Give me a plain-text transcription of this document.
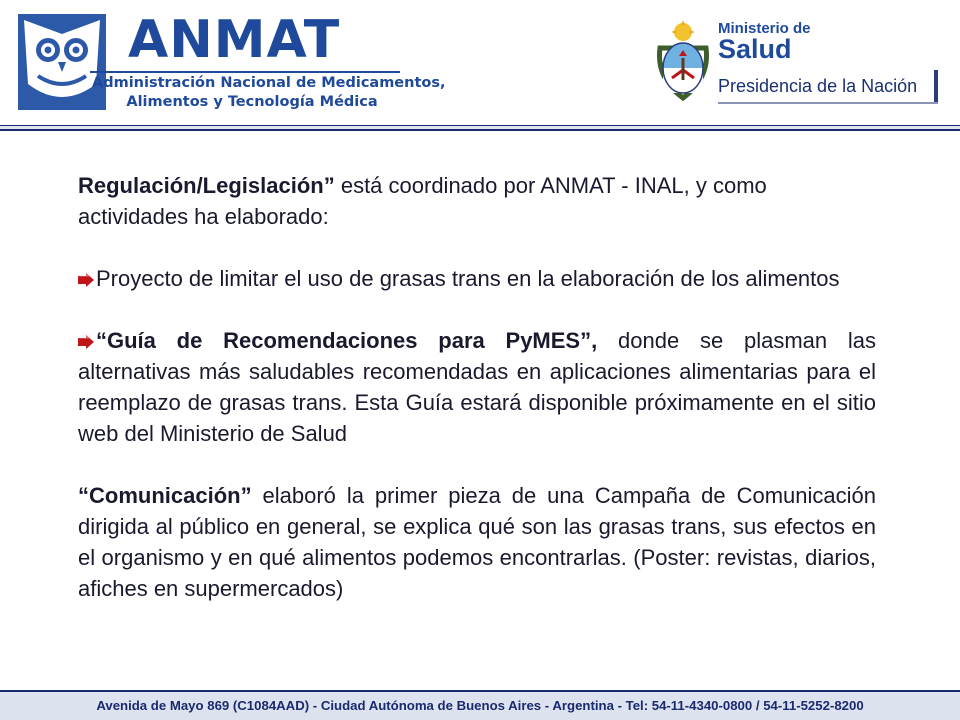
ANMAT
Administración Nacional de Medicamentos,
Alimentos y Tecnología Médica
Ministerio de
Salud
Presidencia de la Nación

Regulación/Legislación” está coordinado por ANMAT - INAL, y como actividades ha elaborado:

Proyecto de limitar el uso de grasas trans en la elaboración de los alimentos

“Guía de Recomendaciones para PyMES”, donde se plasman las alternativas más saludables recomendadas en aplicaciones alimentarias para el reemplazo de grasas trans. Esta Guía estará disponible próximamente en el sitio web del Ministerio de Salud

“Comunicación” elaboró la primer pieza de una Campaña de Comunicación dirigida al público en general, se explica qué son las grasas trans, sus efectos en el organismo y en qué alimentos podemos encontrarlas. (Poster: revistas, diarios, afiches en supermercados)

Avenida de Mayo 869 (C1084AAD) - Ciudad Autónoma de Buenos Aires - Argentina - Tel: 54-11-4340-0800 / 54-11-5252-8200
